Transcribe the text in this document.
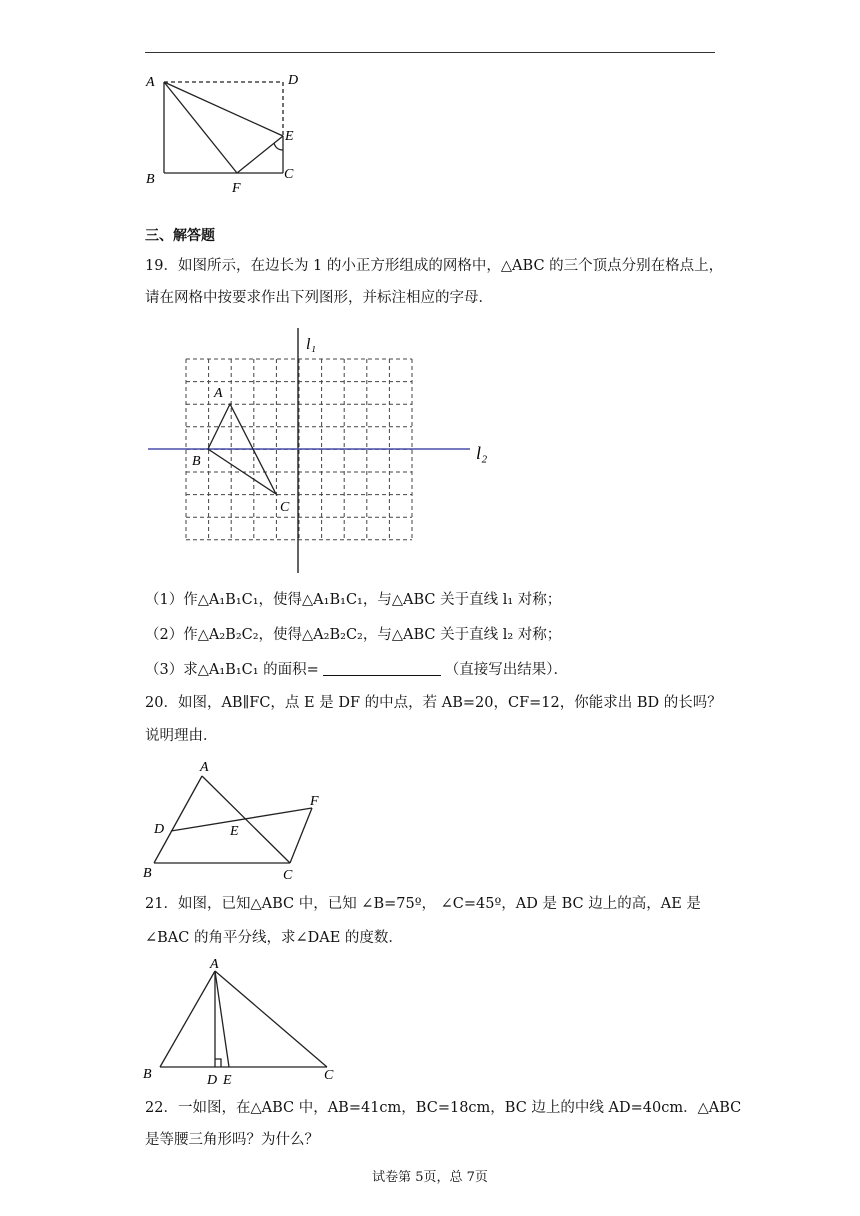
A	D
E
B
F
C
三、解答题
19．如图所示，在边长为 1 的小正方形组成的网格中，△ABC 的三个顶点分别在格点上，
请在网格中按要求作出下列图形，并标注相应的字母．
l₁
l₂
A
B
C
（1）作△A₁B₁C₁，使得△A₁B₁C₁，与△ABC 关于直线 l₁ 对称；
（2）作△A₂B₂C₂，使得△A₂B₂C₂，与△ABC 关于直线 l₂ 对称；
（3）求△A₁B₁C₁ 的面积=	（直接写出结果）．
20．如图，AB∥FC，点 E 是 DF 的中点，若 AB=20，CF=12，你能求出 BD 的长吗？
说明理由．
A
F
D	E
B	C
21．如图，已知△ABC 中，已知 ∠B=75º， ∠C=45º，AD 是 BC 边上的高，AE 是
∠BAC 的角平分线，求∠DAE 的度数．
A
B	D E	C
22．一如图，在△ABC 中，AB=41cm，BC=18cm，BC 边上的中线 AD=40cm．△ABC
是等腰三角形吗？为什么？
试卷第 5页，总 7页
